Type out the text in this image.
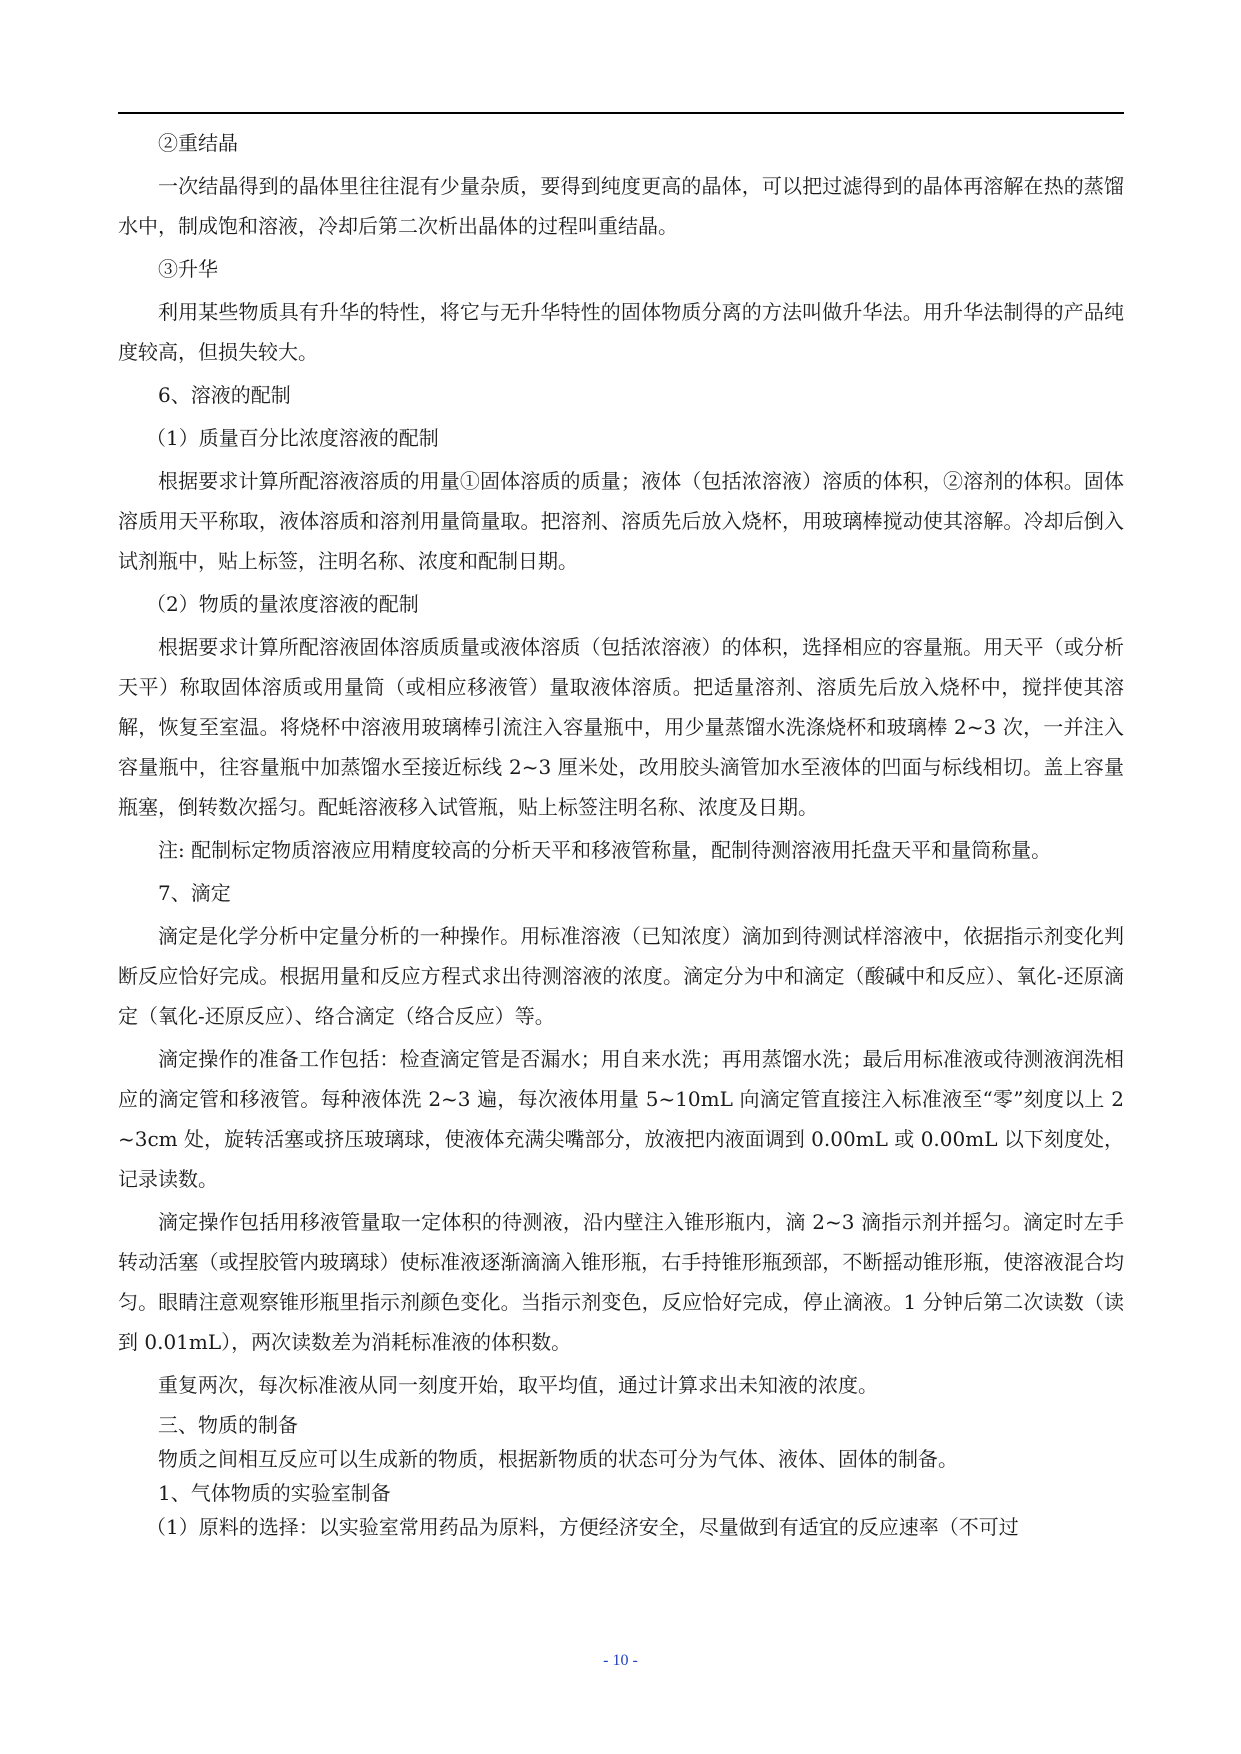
②重结晶

一次结晶得到的晶体里往往混有少量杂质，要得到纯度更高的晶体，可以把过滤得到的晶体再溶解在热的蒸馏水中，制成饱和溶液，冷却后第二次析出晶体的过程叫重结晶。

③升华

利用某些物质具有升华的特性，将它与无升华特性的固体物质分离的方法叫做升华法。用升华法制得的产品纯度较高，但损失较大。

6、溶液的配制

（1）质量百分比浓度溶液的配制

根据要求计算所配溶液溶质的用量①固体溶质的质量；液体（包括浓溶液）溶质的体积，②溶剂的体积。固体溶质用天平称取，液体溶质和溶剂用量筒量取。把溶剂、溶质先后放入烧杯，用玻璃棒搅动使其溶解。冷却后倒入试剂瓶中，贴上标签，注明名称、浓度和配制日期。

（2）物质的量浓度溶液的配制

根据要求计算所配溶液固体溶质质量或液体溶质（包括浓溶液）的体积，选择相应的容量瓶。用天平（或分析天平）称取固体溶质或用量筒（或相应移液管）量取液体溶质。把适量溶剂、溶质先后放入烧杯中，搅拌使其溶解，恢复至室温。将烧杯中溶液用玻璃棒引流注入容量瓶中，用少量蒸馏水洗涤烧杯和玻璃棒 2~3 次，一并注入容量瓶中，往容量瓶中加蒸馏水至接近标线 2~3 厘米处，改用胶头滴管加水至液体的凹面与标线相切。盖上容量瓶塞，倒转数次摇匀。配蚝溶液移入试管瓶，贴上标签注明名称、浓度及日期。

注: 配制标定物质溶液应用精度较高的分析天平和移液管称量，配制待测溶液用托盘天平和量筒称量。

7、滴定

滴定是化学分析中定量分析的一种操作。用标准溶液（已知浓度）滴加到待测试样溶液中，依据指示剂变化判断反应恰好完成。根据用量和反应方程式求出待测溶液的浓度。滴定分为中和滴定（酸碱中和反应）、氧化-还原滴定（氧化-还原反应）、络合滴定（络合反应）等。

滴定操作的准备工作包括：检查滴定管是否漏水；用自来水洗；再用蒸馏水洗；最后用标准液或待测液润洗相应的滴定管和移液管。每种液体洗 2~3 遍，每次液体用量 5~10mL 向滴定管直接注入标准液至“零”刻度以上 2~3cm 处，旋转活塞或挤压玻璃球，使液体充满尖嘴部分，放液把内液面调到 0.00mL 或 0.00mL 以下刻度处，记录读数。

滴定操作包括用移液管量取一定体积的待测液，沿内壁注入锥形瓶内，滴 2~3 滴指示剂并摇匀。滴定时左手转动活塞（或捏胶管内玻璃球）使标准液逐渐滴滴入锥形瓶，右手持锥形瓶颈部，不断摇动锥形瓶，使溶液混合均匀。眼睛注意观察锥形瓶里指示剂颜色变化。当指示剂变色，反应恰好完成，停止滴液。1 分钟后第二次读数（读到 0.01mL），两次读数差为消耗标准液的体积数。

重复两次，每次标准液从同一刻度开始，取平均值，通过计算求出未知液的浓度。

三、物质的制备

物质之间相互反应可以生成新的物质，根据新物质的状态可分为气体、液体、固体的制备。

1、气体物质的实验室制备

（1）原料的选择：以实验室常用药品为原料，方便经济安全，尽量做到有适宜的反应速率（不可过

- 10 -
